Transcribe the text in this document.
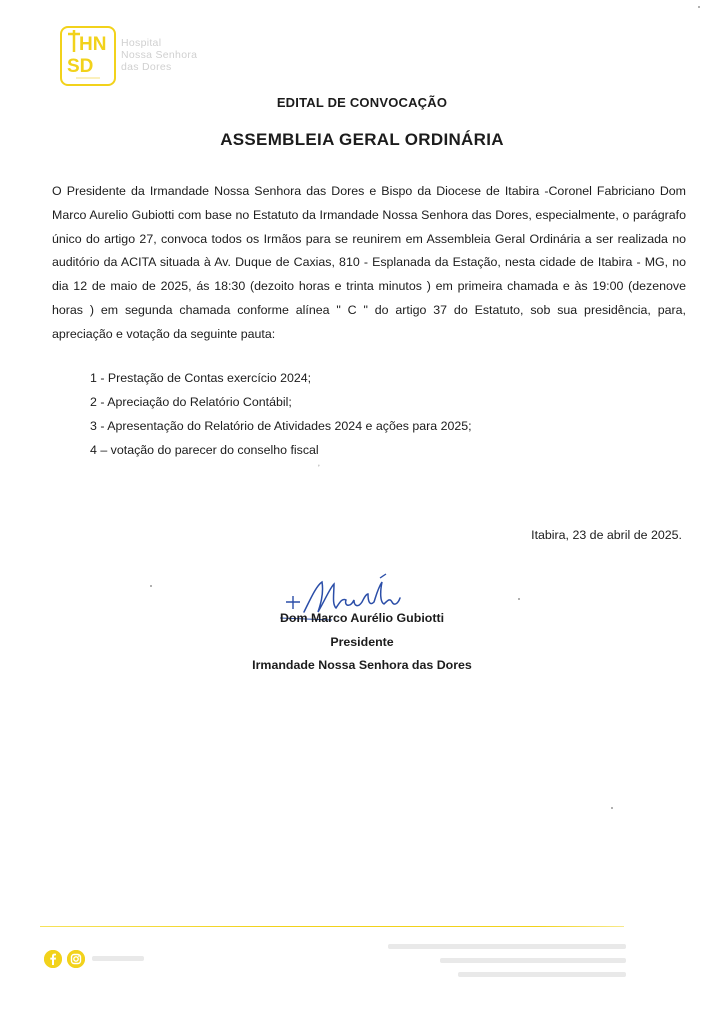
HN
SD
Hospital
Nossa Senhora
das Dores
EDITAL DE CONVOCAÇÃO
ASSEMBLEIA GERAL ORDINÁRIA
O Presidente da Irmandade Nossa Senhora das Dores e Bispo da Diocese de Itabira -Coronel Fabriciano Dom Marco Aurelio Gubiotti com base no Estatuto da Irmandade Nossa Senhora das Dores, especialmente, o parágrafo único do artigo 27, convoca todos os Irmãos para se reunirem em Assembleia Geral Ordinária a ser realizada no auditório da ACITA situada à Av. Duque de Caxias, 810 - Esplanada da Estação, nesta cidade de Itabira - MG, no dia 12 de maio de 2025, ás 18:30 (dezoito horas e trinta minutos ) em primeira chamada e às 19:00 (dezenove horas ) em segunda chamada conforme alínea " C " do artigo 37 do Estatuto, sob sua presidência, para, apreciação e votação da seguinte pauta:
1 - Prestação de Contas exercício 2024;
2 - Apreciação do Relatório Contábil;
3 - Apresentação do Relatório de Atividades 2024 e ações para 2025;
4 – votação do parecer do conselho fiscal
ʼ
Itabira, 23 de abril de 2025.
Dom Marco Aurélio Gubiotti
Presidente
Irmandade Nossa Senhora das Dores
